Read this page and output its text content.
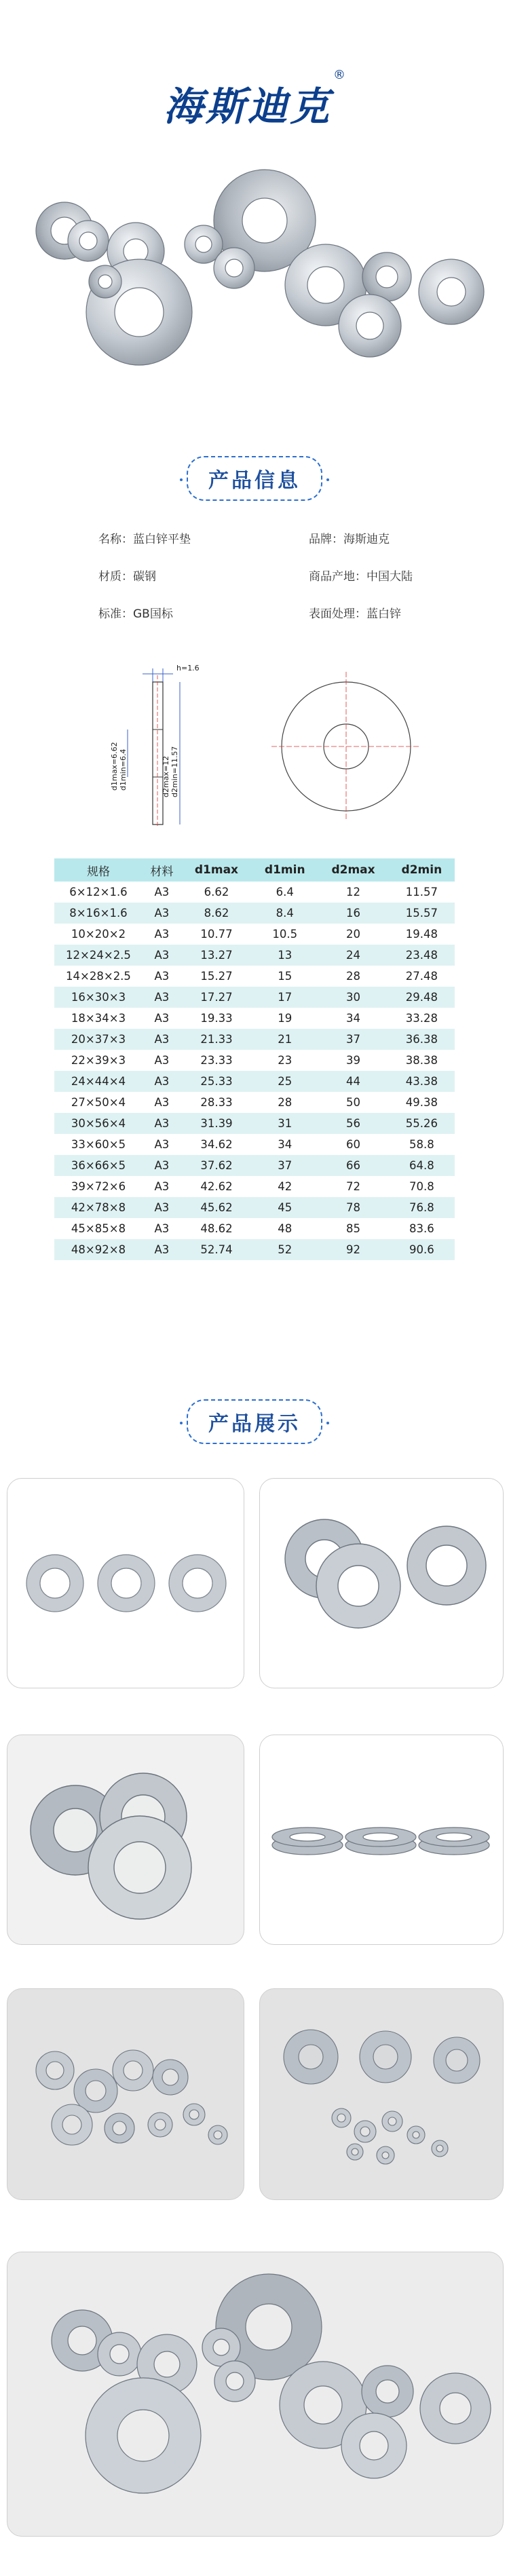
海斯迪克®
产品信息
名称：蓝白锌平垫	品牌：海斯迪克
材质：碳钢	商品产地：中国大陆
标准：GB国标	表面处理：蓝白锌
h=1.6
d1max=6.62 d1min=6.4	d2max=12 d2min=11.57
规格	材料	d1max	d1min	d2max	d2min
6×12×1.6	A3	6.62	6.4	12	11.57
8×16×1.6	A3	8.62	8.4	16	15.57
10×20×2	A3	10.77	10.5	20	19.48
12×24×2.5	A3	13.27	13	24	23.48
14×28×2.5	A3	15.27	15	28	27.48
16×30×3	A3	17.27	17	30	29.48
18×34×3	A3	19.33	19	34	33.28
20×37×3	A3	21.33	21	37	36.38
22×39×3	A3	23.33	23	39	38.38
24×44×4	A3	25.33	25	44	43.38
27×50×4	A3	28.33	28	50	49.38
30×56×4	A3	31.39	31	56	55.26
33×60×5	A3	34.62	34	60	58.8
36×66×5	A3	37.62	37	66	64.8
39×72×6	A3	42.62	42	72	70.8
42×78×8	A3	45.62	45	78	76.8
45×85×8	A3	48.62	48	85	83.6
48×92×8	A3	52.74	52	92	90.6
产品展示
